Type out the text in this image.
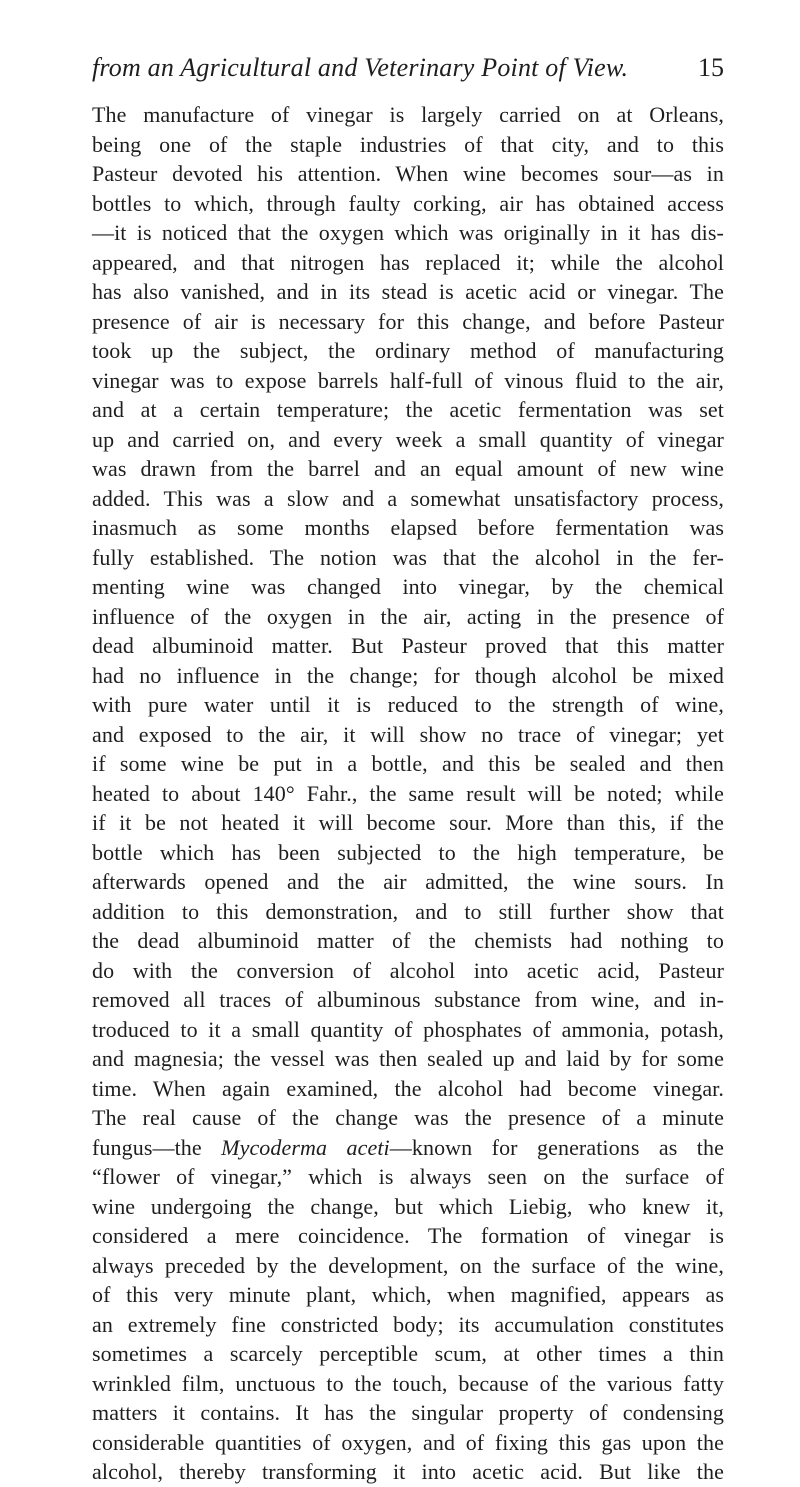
from an Agricultural and Veterinary Point of View.	15
The manufacture of vinegar is largely carried on at Orleans,
being one of the staple industries of that city, and to this
Pasteur devoted his attention. When wine becomes sour—as in
bottles to which, through faulty corking, air has obtained access
—it is noticed that the oxygen which was originally in it has dis-
appeared, and that nitrogen has replaced it; while the alcohol
has also vanished, and in its stead is acetic acid or vinegar. The
presence of air is necessary for this change, and before Pasteur
took up the subject, the ordinary method of manufacturing
vinegar was to expose barrels half-full of vinous fluid to the air,
and at a certain temperature; the acetic fermentation was set
up and carried on, and every week a small quantity of vinegar
was drawn from the barrel and an equal amount of new wine
added. This was a slow and a somewhat unsatisfactory process,
inasmuch as some months elapsed before fermentation was
fully established. The notion was that the alcohol in the fer-
menting wine was changed into vinegar, by the chemical
influence of the oxygen in the air, acting in the presence of
dead albuminoid matter. But Pasteur proved that this matter
had no influence in the change; for though alcohol be mixed
with pure water until it is reduced to the strength of wine,
and exposed to the air, it will show no trace of vinegar; yet
if some wine be put in a bottle, and this be sealed and then
heated to about 140° Fahr., the same result will be noted; while
if it be not heated it will become sour. More than this, if the
bottle which has been subjected to the high temperature, be
afterwards opened and the air admitted, the wine sours. In
addition to this demonstration, and to still further show that
the dead albuminoid matter of the chemists had nothing to
do with the conversion of alcohol into acetic acid, Pasteur
removed all traces of albuminous substance from wine, and in-
troduced to it a small quantity of phosphates of ammonia, potash,
and magnesia; the vessel was then sealed up and laid by for some
time. When again examined, the alcohol had become vinegar.
The real cause of the change was the presence of a minute
fungus—the Mycoderma aceti—known for generations as the
“flower of vinegar,” which is always seen on the surface of
wine undergoing the change, but which Liebig, who knew it,
considered a mere coincidence. The formation of vinegar is
always preceded by the development, on the surface of the wine,
of this very minute plant, which, when magnified, appears as
an extremely fine constricted body; its accumulation constitutes
sometimes a scarcely perceptible scum, at other times a thin
wrinkled film, unctuous to the touch, because of the various fatty
matters it contains. It has the singular property of condensing
considerable quantities of oxygen, and of fixing this gas upon the
alcohol, thereby transforming it into acetic acid. But like the
